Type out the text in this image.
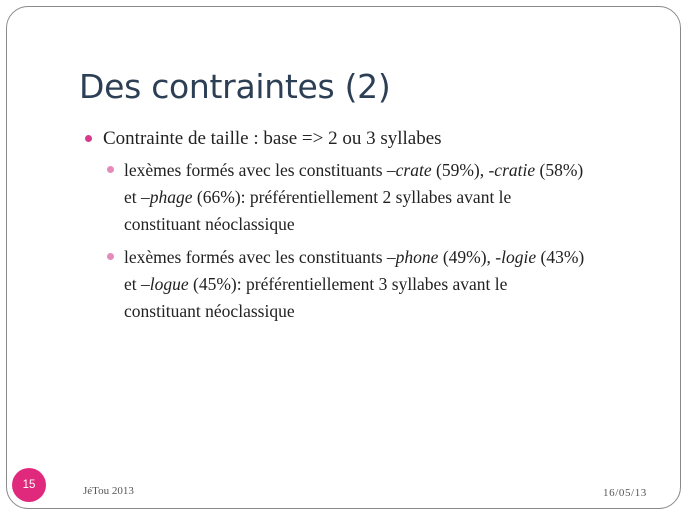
Des contraintes (2)
Contrainte de taille : base => 2 ou 3 syllabes
lexèmes formés avec les constituants –crate (59%), -cratie (58%)
et –phage (66%): préférentiellement 2 syllabes avant le
constituant néoclassique
lexèmes formés avec les constituants –phone (49%), -logie (43%)
et –logue (45%): préférentiellement 3 syllabes avant le
constituant néoclassique
JéTou 2013	16/05/13
15
